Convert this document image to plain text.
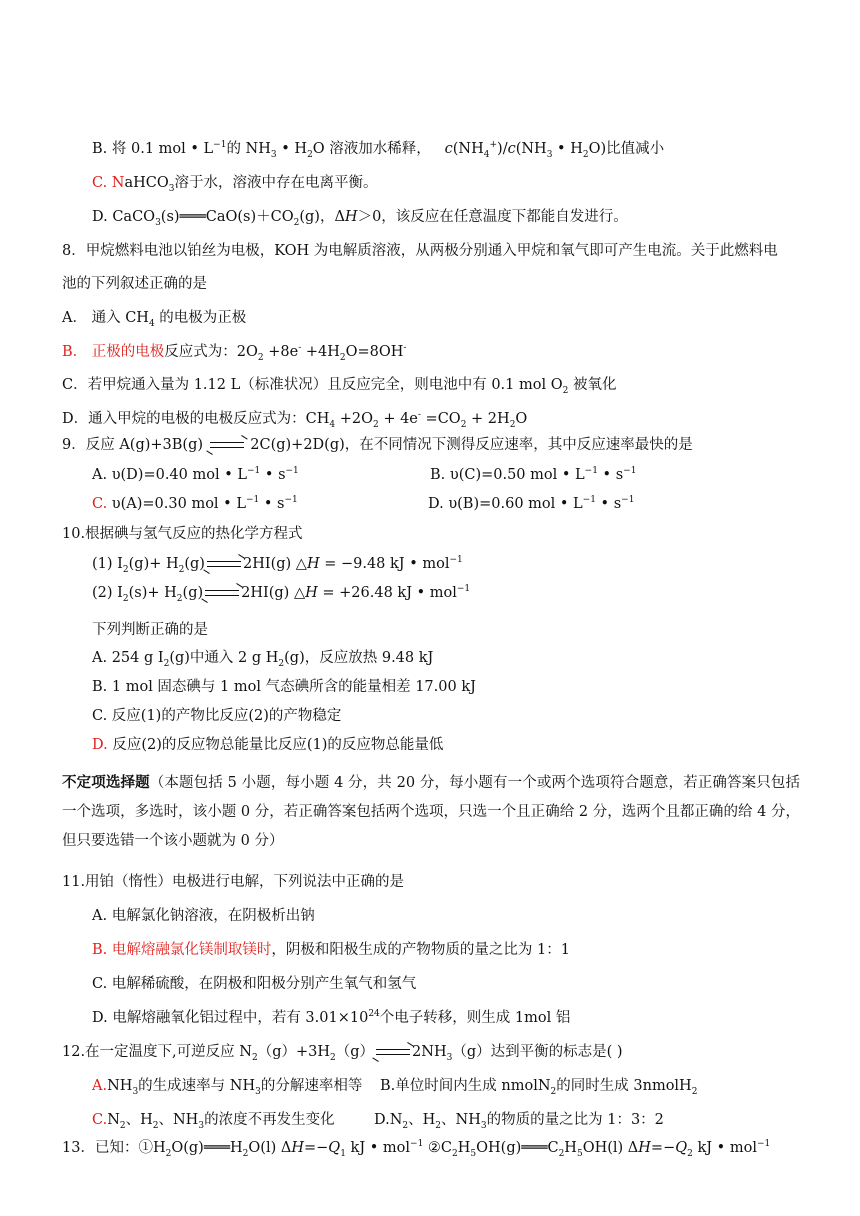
B. 将 0.1 mol • $L^{-1}$的 $NH_3$ • $H_2O$ 溶液加水稀释， $c(NH_4^+)/c(NH_3$ • $H_2O$)比值减小
C. NaHCO$_3$溶于水，溶液中存在电离平衡。
D. $CaCO_3(s)═══CaO(s)+CO_2(g)$，ΔH＞0，该反应在任意温度下都能自发进行。
8．甲烷燃料电池以铂丝为电极，KOH 为电解质溶液，从两极分别通入甲烷和氧气即可产生电流。关于此燃料电
池的下列叙述正确的是
A． 通入 $CH_4$ 的电极为正极
B． 正极的电极反应式为：$2O_2 +8e^- +4H_2O=8OH^-$
C．若甲烷通入量为 1.12 L（标准状况）且反应完全，则电池中有 0.1 mol $O_2$ 被氧化
D．通入甲烷的电极的电极反应式为：$CH_4 +2O_2 + 4e^- =CO_2 + 2H_2O$
9．反应 A(g)+3B(g) → 2C(g)+2D(g)，在不同情况下测得反应速率，其中反应速率最快的是
A. υ(D)=0.40 mol • $L^{-1}$ • $s^{-1}$	B. υ(C)=0.50 mol • $L^{-1}$ • $s^{-1}$
C. υ(A)=0.30 mol • $L^{-1}$ • $s^{-1}$	D. υ(B)=0.60 mol • $L^{-1}$ • $s^{-1}$
10.根据碘与氢气反应的热化学方程式
(1) $I_2(g)+ H_2(g) \to 2HI(g)$ △H = −9.48 kJ • mol$^{-1}$
(2) $I_2(s)+ H_2(g) \to 2HI(g)$ △H = +26.48 kJ • mol$^{-1}$
下列判断正确的是
A. 254 g $I_2(g)$中通入 2 g $H_2(g)$，反应放热 9.48 kJ
B. 1 mol 固态碘与 1 mol 气态碘所含的能量相差 17.00 kJ
C. 反应(1)的产物比反应(2)的产物稳定
D. 反应(2)的反应物总能量比反应(1)的反应物总能量低
不定项选择题（本题包括 5 小题，每小题 4 分，共 20 分，每小题有一个或两个选项符合题意，若正确答案只包括一个选项，多选时，该小题 0 分，若正确答案包括两个选项，只选一个且正确给 2 分，选两个且都正确的给 4 分，但只要选错一个该小题就为 0 分）
11.用铂（惰性）电极进行电解，下列说法中正确的是
A. 电解氯化钠溶液，在阴极析出钠
B. 电解熔融氯化镁制取镁时，阴极和阳极生成的产物物质的量之比为 1：1
C. 电解稀硫酸，在阴极和阳极分别产生氧气和氢气
D. 电解熔融氧化铝过程中，若有 $3.01\times 10^{24}$个电子转移，则生成 1mol 铝
12.在一定温度下,可逆反应 $N_2(g)+3H_2(g) \to 2NH_3(g)$达到平衡的标志是( )
$A.NH_3$的生成速率与 $NH_3$的分解速率相等 B.单位时间内生成 nmolN$_2$的同时生成 3nmolH$_2$
$C.N_2$、$H_2$、$NH_3$的浓度不再发生变化	$D.N_2$、$H_2$、$NH_3$的物质的量之比为 1：3：2
13．已知：$①H_2O(g)═══H_2O(l)$ $\Delta H=-Q_1$ kJ • mol$^{-1}$ $②C_2H_5OH(g)═══C_2H_5OH(l)$ $\Delta H=-Q_2$ kJ • mol$^{-1}$
